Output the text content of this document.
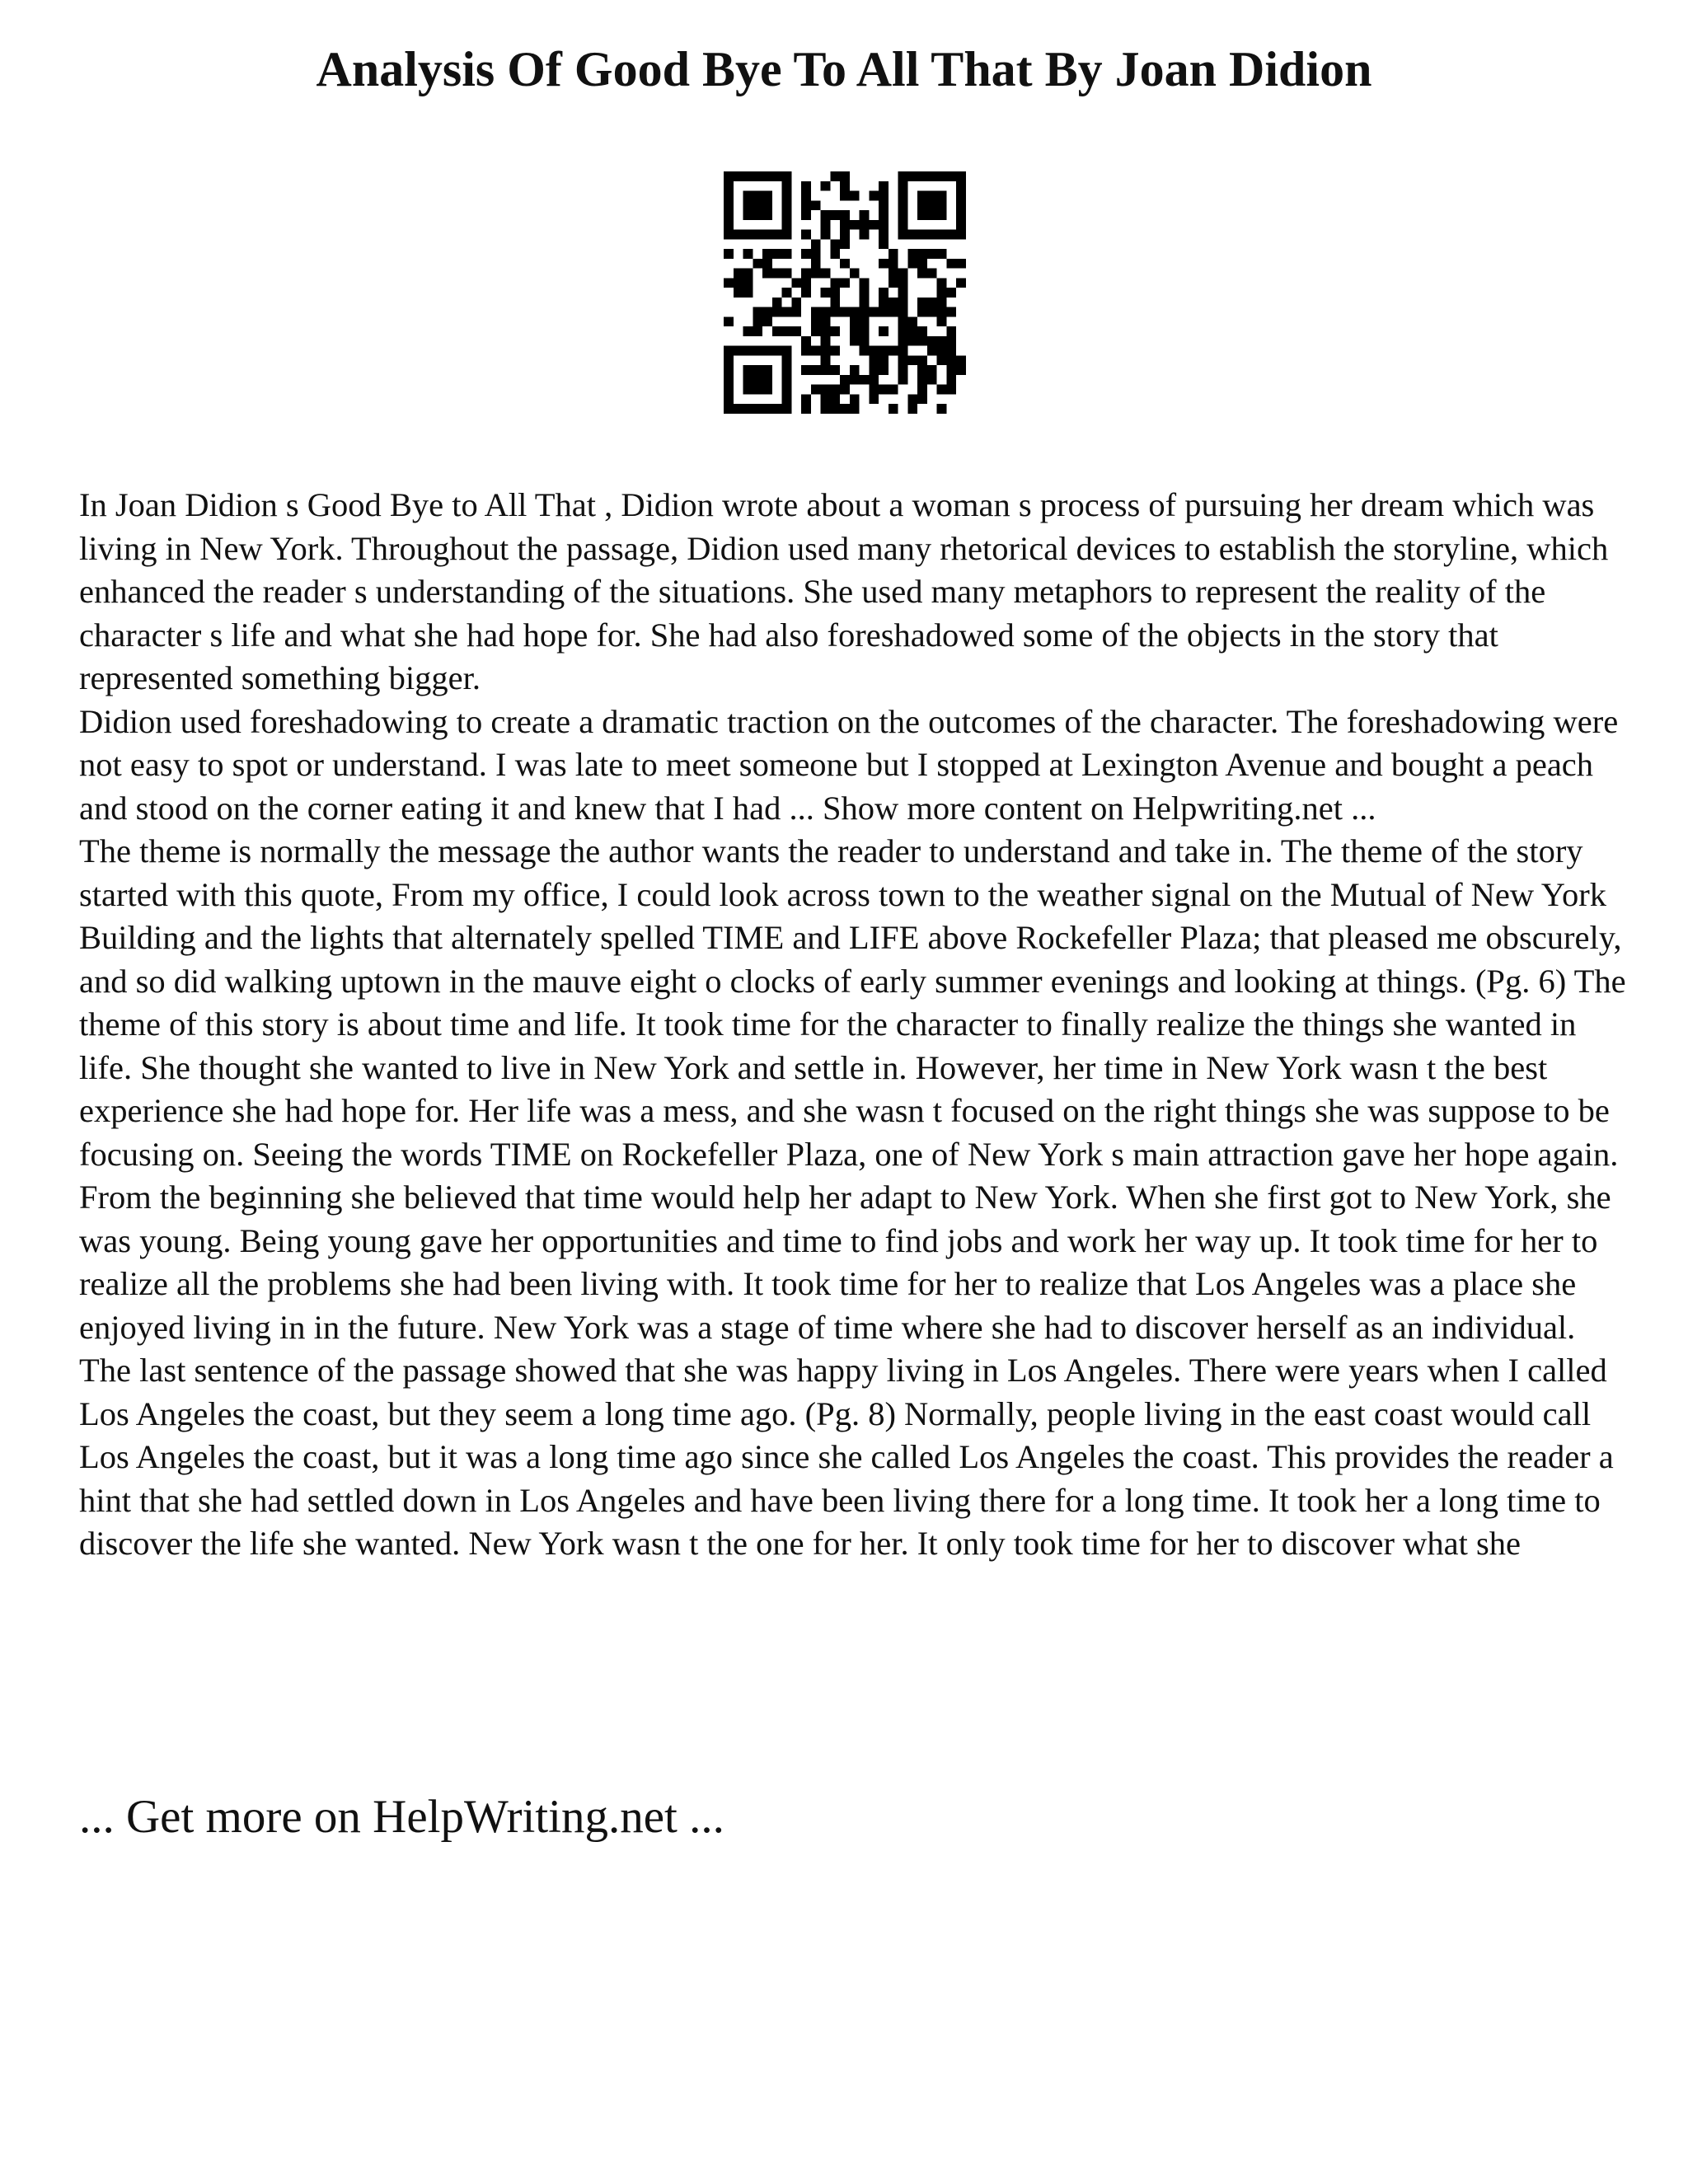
Analysis Of Good Bye To All That By Joan Didion

In Joan Didion s Good Bye to All That , Didion wrote about a woman s process of pursuing her dream which was living in New York. Throughout the passage, Didion used many rhetorical devices to establish the storyline, which enhanced the reader s understanding of the situations. She used many metaphors to represent the reality of the character s life and what she had hope for. She had also foreshadowed some of the objects in the story that represented something bigger.

Didion used foreshadowing to create a dramatic traction on the outcomes of the character. The foreshadowing were not easy to spot or understand. I was late to meet someone but I stopped at Lexington Avenue and bought a peach and stood on the corner eating it and knew that I had ... Show more content on Helpwriting.net ...

The theme is normally the message the author wants the reader to understand and take in. The theme of the story started with this quote, From my office, I could look across town to the weather signal on the Mutual of New York Building and the lights that alternately spelled TIME and LIFE above Rockefeller Plaza; that pleased me obscurely, and so did walking uptown in the mauve eight o clocks of early summer evenings and looking at things. (Pg. 6) The theme of this story is about time and life. It took time for the character to finally realize the things she wanted in life. She thought she wanted to live in New York and settle in. However, her time in New York wasn t the best experience she had hope for. Her life was a mess, and she wasn t focused on the right things she was suppose to be focusing on. Seeing the words TIME on Rockefeller Plaza, one of New York s main attraction gave her hope again. From the beginning she believed that time would help her adapt to New York. When she first got to New York, she was young. Being young gave her opportunities and time to find jobs and work her way up. It took time for her to realize all the problems she had been living with. It took time for her to realize that Los Angeles was a place she enjoyed living in in the future. New York was a stage of time where she had to discover herself as an individual. The last sentence of the passage showed that she was happy living in Los Angeles. There were years when I called Los Angeles the coast, but they seem a long time ago. (Pg. 8) Normally, people living in the east coast would call Los Angeles the coast, but it was a long time ago since she called Los Angeles the coast. This provides the reader a hint that she had settled down in Los Angeles and have been living there for a long time. It took her a long time to discover the life she wanted. New York wasn t the one for her. It only took time for her to discover what she

... Get more on HelpWriting.net ...
